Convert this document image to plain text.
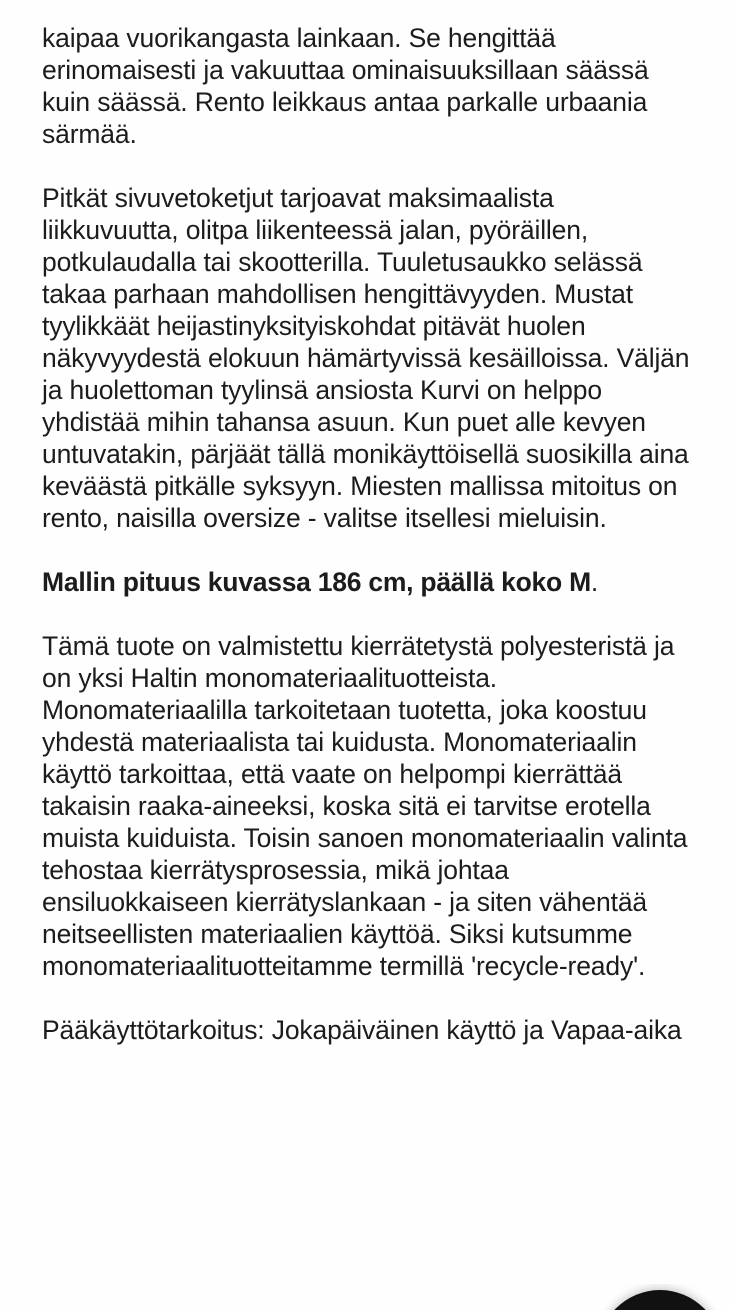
kaipaa vuorikangasta lainkaan. Se hengittää erinomaisesti ja vakuuttaa ominaisuuksillaan säässä kuin säässä. Rento leikkaus antaa parkalle urbaania särmää.

Pitkät sivuvetoketjut tarjoavat maksimaalista liikkuvuutta, olitpa liikenteessä jalan, pyöräillen, potkulaudalla tai skootterilla. Tuuletusaukko selässä takaa parhaan mahdollisen hengittävyyden. Mustat tyylikkäät heijastinyksityiskohdat pitävät huolen näkyvyydestä elokuun hämärtyvissä kesäilloissa. Väljän ja huolettoman tyylinsä ansiosta Kurvi on helppo yhdistää mihin tahansa asuun. Kun puet alle kevyen untuvatakin, pärjäät tällä monikäyttöisellä suosikilla aina keväästä pitkälle syksyyn. Miesten mallissa mitoitus on rento, naisilla oversize - valitse itsellesi mieluisin.

Mallin pituus kuvassa 186 cm, päällä koko M.

Tämä tuote on valmistettu kierrätetystä polyesteristä ja on yksi Haltin monomateriaalituotteista. Monomateriaalilla tarkoitetaan tuotetta, joka koostuu yhdestä materiaalista tai kuidusta. Monomateriaalin käyttö tarkoittaa, että vaate on helpompi kierrättää takaisin raaka-aineeksi, koska sitä ei tarvitse erotella muista kuiduista. Toisin sanoen monomateriaalin valinta tehostaa kierrätysprosessia, mikä johtaa ensiluokkaiseen kierrätyslankaan - ja siten vähentää neitseellisten materiaalien käyttöä. Siksi kutsumme monomateriaalituotteitamme termillä 'recycle-ready'.

Pääkäyttötarkoitus: Jokapäiväinen käyttö ja Vapaa-aika
